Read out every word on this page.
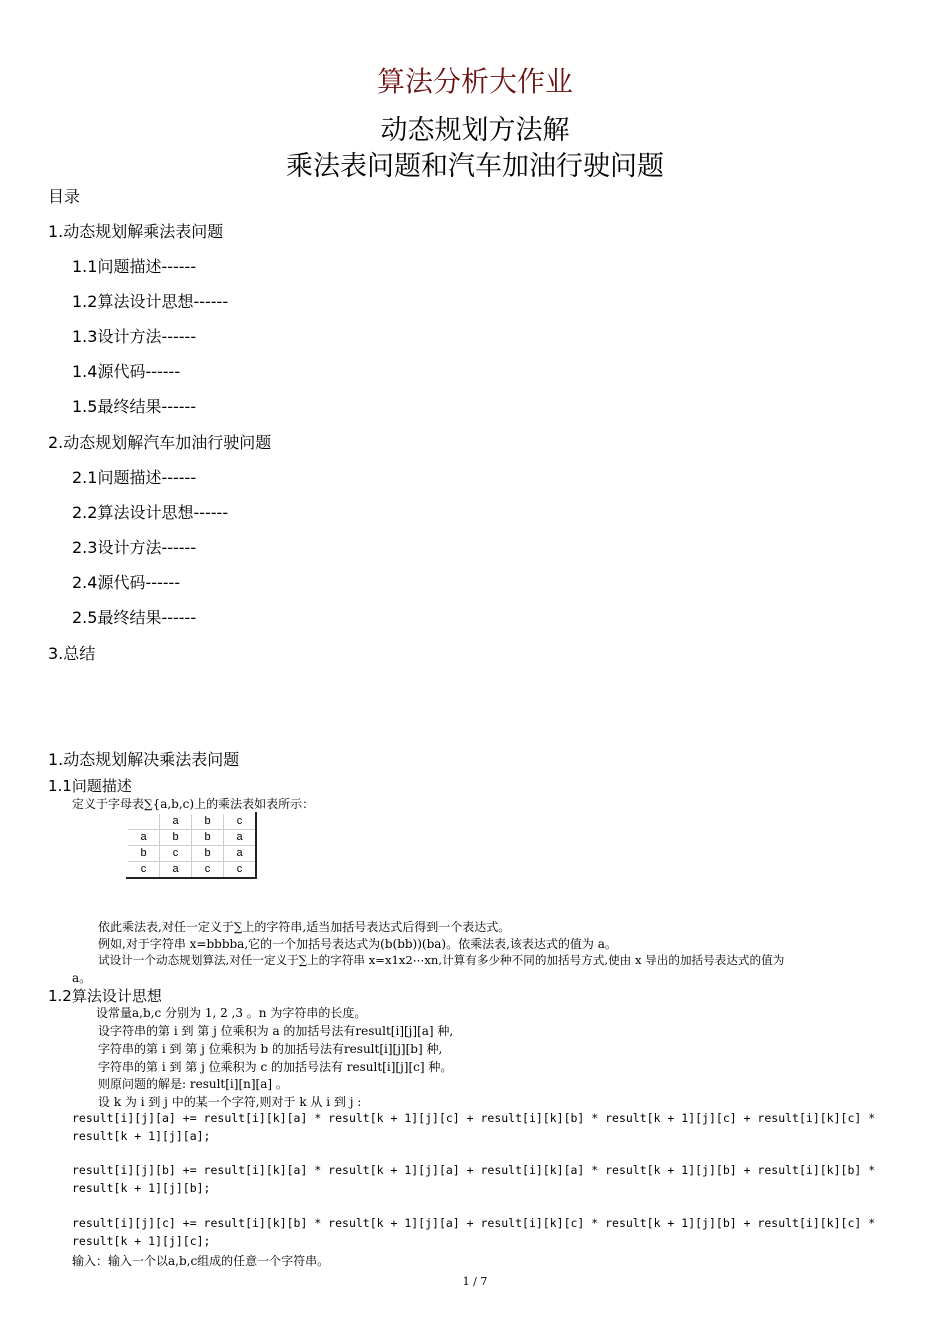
算法分析大作业
动态规划方法解
乘法表问题和汽车加油行驶问题
目录
1.动态规划解乘法表问题
1.1问题描述------
1.2算法设计思想------
1.3设计方法------
1.4源代码------
1.5最终结果------
2.动态规划解汽车加油行驶问题
2.1问题描述------
2.2算法设计思想------
2.3设计方法------
2.4源代码------
2.5最终结果------
3.总结
1.动态规划解决乘法表问题
1.1问题描述
定义于字母表∑{a,b,c)上的乘法表如表所示：
	a	b	c
a	b	b	a
b	c	b	a
c	a	c	c
依此乘法表,对任一定义于∑上的字符串,适当加括号表达式后得到一个表达式。
例如,对于字符串 x=bbbba,它的一个加括号表达式为(b(bb))(ba)。依乘法表,该表达式的值为 a。
试设计一个动态规划算法,对任一定义于∑上的字符串 x=x1x2⋯xn,计算有多少种不同的加括号方式,使由 x 导出的加括号表达式的值为
a。
1.2算法设计思想
设常量a,b,c 分别为 1, 2 ,3 。n 为字符串的长度。
设字符串的第 i 到 第 j 位乘积为 a 的加括号法有result[i][j][a] 种,
字符串的第 i 到 第 j 位乘积为 b 的加括号法有result[i][j][b] 种,
字符串的第 i 到 第 j 位乘积为 c 的加括号法有 result[i][j][c] 种。
则原问题的解是: result[i][n][a] 。
设 k 为 i 到 j 中的某一个字符,则对于 k 从 i 到 j :
result[i][j][a] += result[i][k][a] * result[k + 1][j][c] + result[i][k][b] * result[k + 1][j][c] + result[i][k][c] *
result[k + 1][j][a];
result[i][j][b] += result[i][k][a] * result[k + 1][j][a] + result[i][k][a] * result[k + 1][j][b] + result[i][k][b] *
result[k + 1][j][b];
result[i][j][c] += result[i][k][b] * result[k + 1][j][a] + result[i][k][c] * result[k + 1][j][b] + result[i][k][c] *
result[k + 1][j][c];
输入：输入一个以a,b,c组成的任意一个字符串。
1 / 7
